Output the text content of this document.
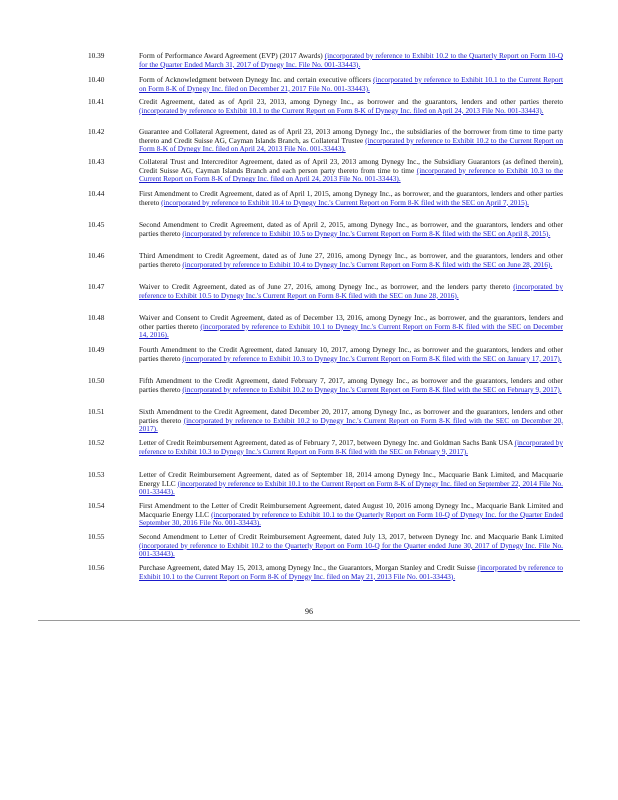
10.39	Form of Performance Award Agreement (EVP) (2017 Awards) (incorporated by reference to Exhibit 10.2 to the Quarterly Report on Form 10-Q for the Quarter Ended March 31, 2017 of Dynegy Inc. File No. 001-33443).
10.40	Form of Acknowledgment between Dynegy Inc. and certain executive officers (incorporated by reference to Exhibit 10.1 to the Current Report on Form 8-K of Dynegy Inc. filed on December 21, 2017 File No. 001-33443).
10.41	Credit Agreement, dated as of April 23, 2013, among Dynegy Inc., as borrower and the guarantors, lenders and other parties thereto (incorporated by reference to Exhibit 10.1 to the Current Report on Form 8-K of Dynegy Inc. filed on April 24, 2013 File No. 001-33443).
10.42	Guarantee and Collateral Agreement, dated as of April 23, 2013 among Dynegy Inc., the subsidiaries of the borrower from time to time party thereto and Credit Suisse AG, Cayman Islands Branch, as Collateral Trustee (incorporated by reference to Exhibit 10.2 to the Current Report on Form 8-K of Dynegy Inc. filed on April 24, 2013 File No. 001-33443).
10.43	Collateral Trust and Intercreditor Agreement, dated as of April 23, 2013 among Dynegy Inc., the Subsidiary Guarantors (as defined therein), Credit Suisse AG, Cayman Islands Branch and each person party thereto from time to time (incorporated by reference to Exhibit 10.3 to the Current Report on Form 8-K of Dynegy Inc. filed on April 24, 2013 File No. 001-33443).
10.44	First Amendment to Credit Agreement, dated as of April 1, 2015, among Dynegy Inc., as borrower, and the guarantors, lenders and other parties thereto (incorporated by reference to Exhibit 10.4 to Dynegy Inc.'s Current Report on Form 8-K filed with the SEC on April 7, 2015).
10.45	Second Amendment to Credit Agreement, dated as of April 2, 2015, among Dynegy Inc., as borrower, and the guarantors, lenders and other parties thereto (incorporated by reference to Exhibit 10.5 to Dynegy Inc.'s Current Report on Form 8-K filed with the SEC on April 8, 2015).
10.46	Third Amendment to Credit Agreement, dated as of June 27, 2016, among Dynegy Inc., as borrower, and the guarantors, lenders and other parties thereto (incorporated by reference to Exhibit 10.4 to Dynegy Inc.'s Current Report on Form 8-K filed with the SEC on June 28, 2016).
10.47	Waiver to Credit Agreement, dated as of June 27, 2016, among Dynegy Inc., as borrower, and the lenders party thereto (incorporated by reference to Exhibit 10.5 to Dynegy Inc.'s Current Report on Form 8-K filed with the SEC on June 28, 2016).
10.48	Waiver and Consent to Credit Agreement, dated as of December 13, 2016, among Dynegy Inc., as borrower, and the guarantors, lenders and other parties thereto (incorporated by reference to Exhibit 10.1 to Dynegy Inc.'s Current Report on Form 8-K filed with the SEC on December 14, 2016).
10.49	Fourth Amendment to the Credit Agreement, dated January 10, 2017, among Dynegy Inc., as borrower and the guarantors, lenders and other parties thereto (incorporated by reference to Exhibit 10.3 to Dynegy Inc.'s Current Report on Form 8-K filed with the SEC on January 17, 2017).
10.50	Fifth Amendment to the Credit Agreement, dated February 7, 2017, among Dynegy Inc., as borrower and the guarantors, lenders and other parties thereto (incorporated by reference to Exhibit 10.2 to Dynegy Inc.'s Current Report on Form 8-K filed with the SEC on February 9, 2017).
10.51	Sixth Amendment to the Credit Agreement, dated December 20, 2017, among Dynegy Inc., as borrower and the guarantors, lenders and other parties thereto (incorporated by reference to Exhibit 10.2 to Dynegy Inc.'s Current Report on Form 8-K filed with the SEC on December 20, 2017).
10.52	Letter of Credit Reimbursement Agreement, dated as of February 7, 2017, between Dynegy Inc. and Goldman Sachs Bank USA (incorporated by reference to Exhibit 10.3 to Dynegy Inc.'s Current Report on Form 8-K filed with the SEC on February 9, 2017).
10.53	Letter of Credit Reimbursement Agreement, dated as of September 18, 2014 among Dynegy Inc., Macquarie Bank Limited, and Macquarie Energy LLC (incorporated by reference to Exhibit 10.1 to the Current Report on Form 8-K of Dynegy Inc. filed on September 22, 2014 File No. 001-33443).
10.54	First Amendment to the Letter of Credit Reimbursement Agreement, dated August 10, 2016 among Dynegy Inc., Macquarie Bank Limited and Macquarie Energy LLC (incorporated by reference to Exhibit 10.1 to the Quarterly Report on Form 10-Q of Dynegy Inc. for the Quarter Ended September 30, 2016 File No. 001-33443).
10.55	Second Amendment to Letter of Credit Reimbursement Agreement, dated July 13, 2017, between Dynegy Inc. and Macquarie Bank Limited (incorporated by reference to Exhibit 10.2 to the Quarterly Report on Form 10-Q for the Quarter ended June 30, 2017 of Dynegy Inc. File No. 001-33443).
10.56	Purchase Agreement, dated May 15, 2013, among Dynegy Inc., the Guarantors, Morgan Stanley and Credit Suisse (incorporated by reference to Exhibit 10.1 to the Current Report on Form 8-K of Dynegy Inc. filed on May 21, 2013 File No. 001-33443).
96
